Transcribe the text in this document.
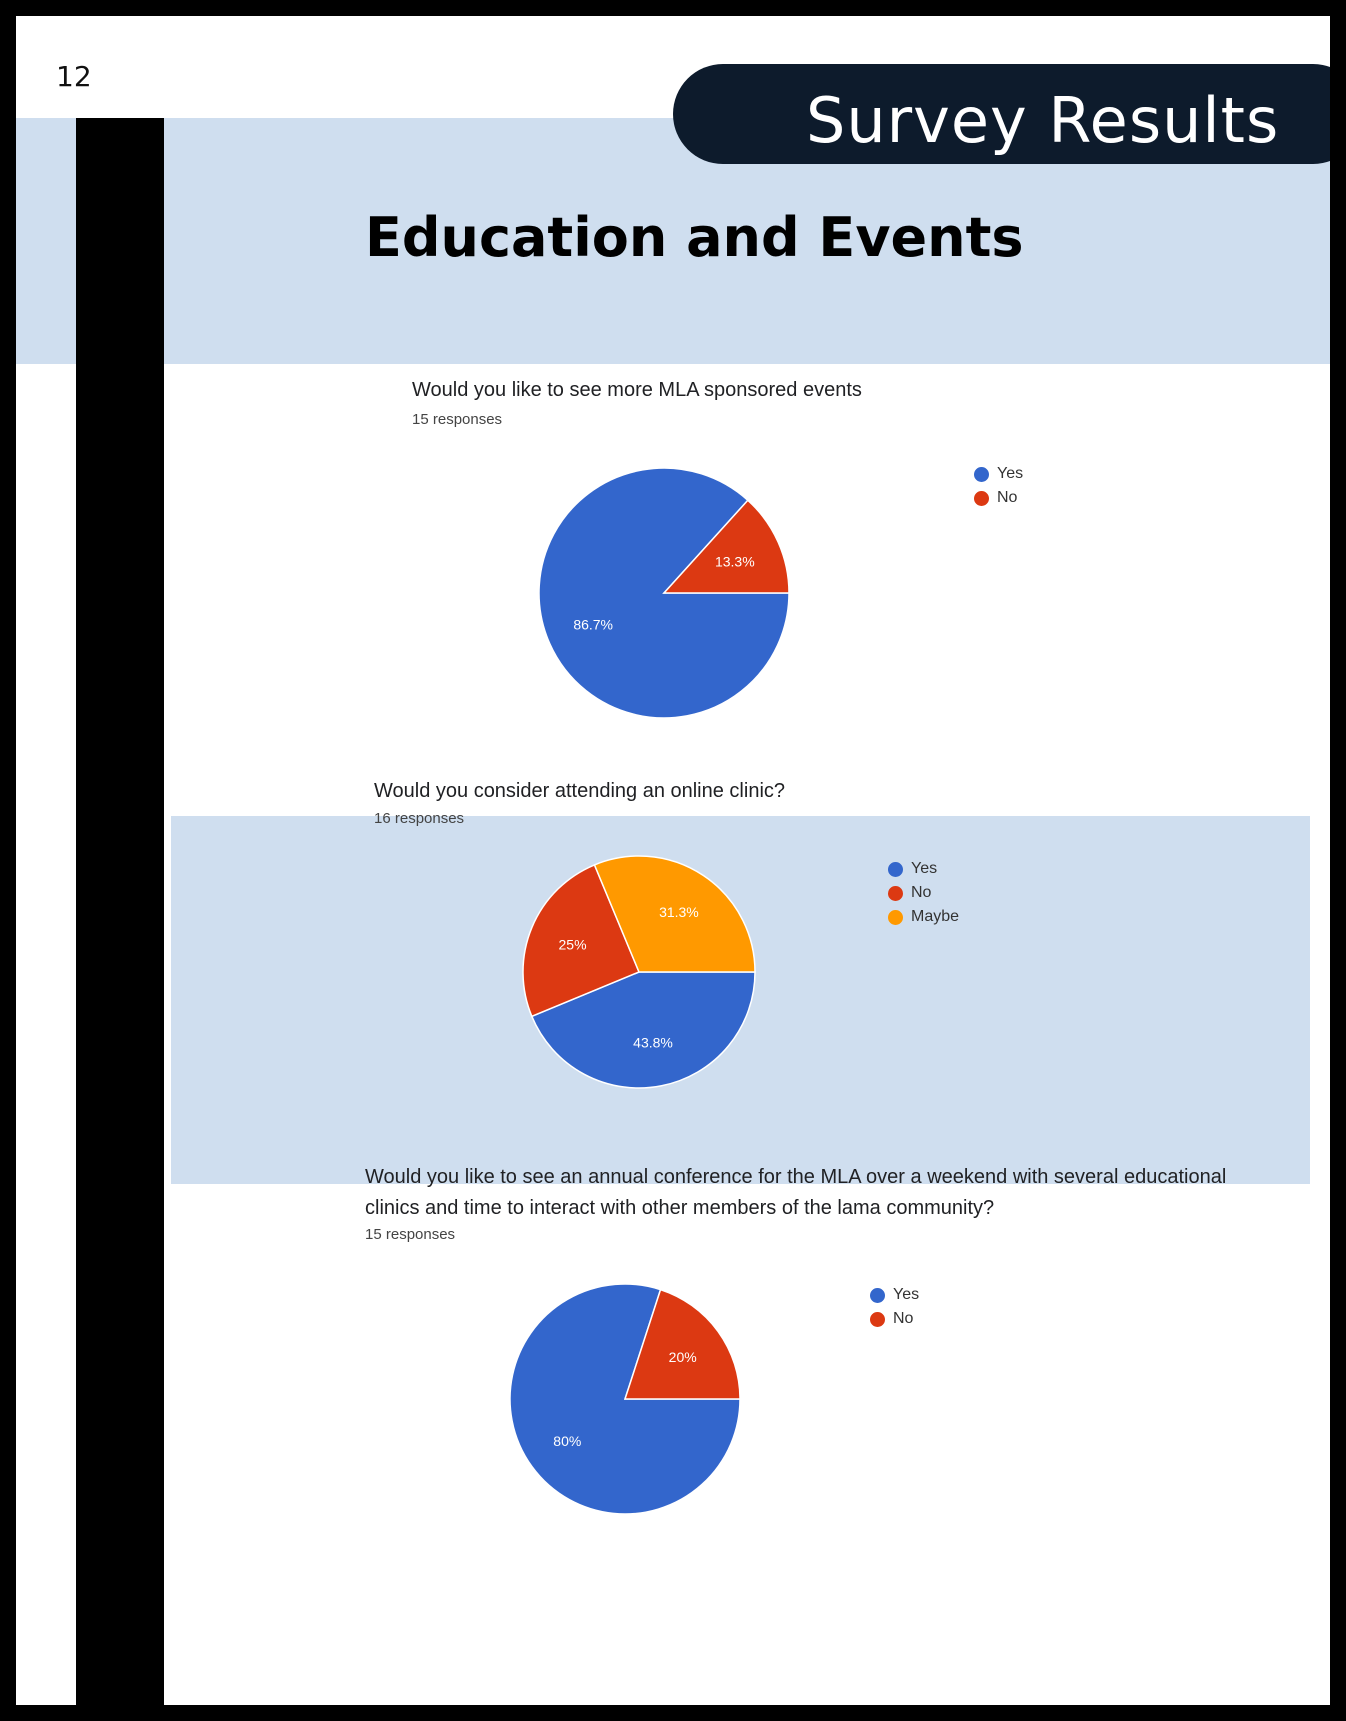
12
Survey Results
Education and Events
Would you like to see more MLA sponsored events
15 responses
86.7%
13.3%
Yes
No
Would you consider attending an online clinic?
16 responses
43.8%
25%
31.3%
Yes
No
Maybe
Would you like to see an annual conference for the MLA over a weekend with several educational
clinics and time to interact with other members of the lama community?
15 responses
80%
20%
Yes
No
